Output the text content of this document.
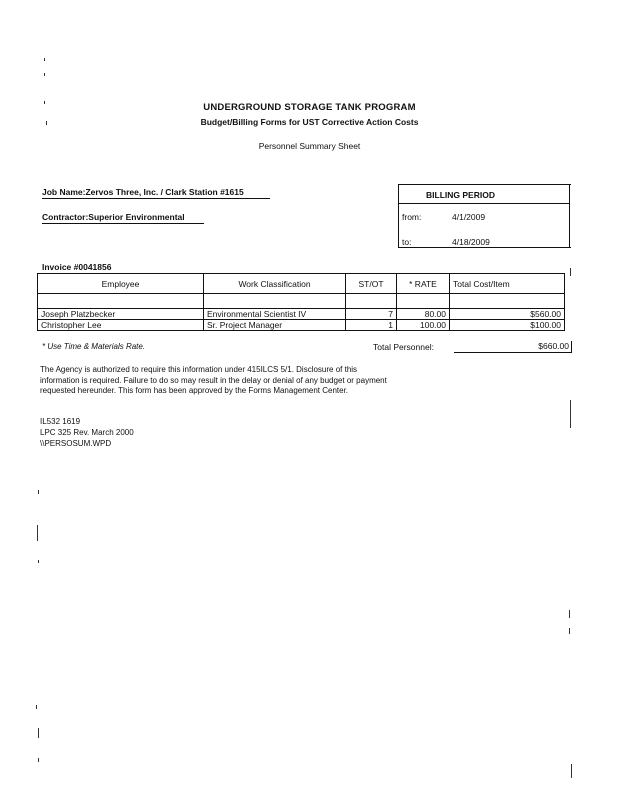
UNDERGROUND STORAGE TANK PROGRAM
Budget/Billing Forms for UST Corrective Action Costs
Personnel Summary Sheet
Job Name:Zervos Three, Inc. / Clark Station #1615
Contractor:Superior Environmental
BILLING PERIOD
from:	4/1/2009
to:	4/18/2009
Invoice #0041856
Employee	Work Classification	ST/OT	* RATE	Total Cost/Item

Joseph Platzbecker	Environmental Scientist IV	7	80.00	$560.00
Christopher Lee	Sr. Project Manager	1	100.00	$100.00
* Use Time & Materials Rate.	Total Personnel:	$660.00
The Agency is authorized to require this information under 415ILCS 5/1. Disclosure of this information is required. Failure to do so may result in the delay or denial of any budget or payment requested hereunder. This form has been approved by the Forms Management Center.
IL532 1619
LPC 325 Rev. March 2000
\\PERSOSUM.WPD
